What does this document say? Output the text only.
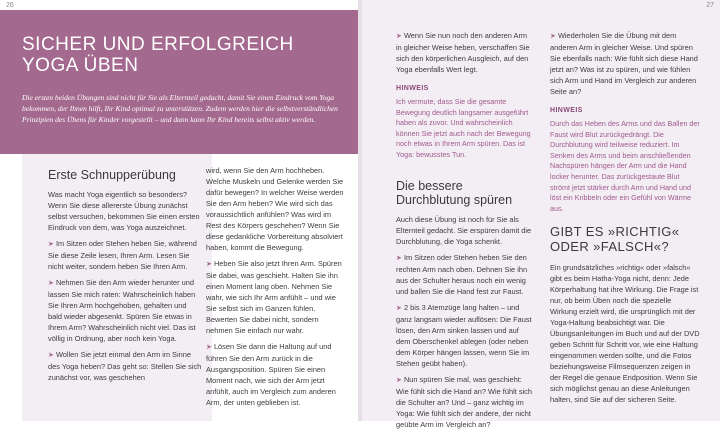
26
SICHER UND ERFOLGREICH
YOGA ÜBEN
Die ersten beiden Übungen sind nicht für Sie als Elternteil gedacht, damit Sie einen Eindruck vom Yoga bekommen, der Ihnen hilft, Ihr Kind optimal zu unterstützen. Zudem werden hier die selbstverständlichen Prinzipien des Übens für Kinder vorgestellt – und dann kann Ihr Kind bereits selbst aktiv werden.
Erste Schnupperübung

Was macht Yoga eigentlich so besonders? Wenn Sie diese allererste Übung zunächst selbst versuchen, bekommen Sie einen ersten Eindruck von dem, was Yoga auszeichnet.

➤ Im Sitzen oder Stehen heben Sie, während Sie diese Zeile lesen, Ihren Arm. Lesen Sie nicht weiter, sondern heben Sie Ihren Arm.

➤ Nehmen Sie den Arm wieder herunter und lassen Sie mich raten: Wahrscheinlich haben Sie Ihren Arm hochgehoben, gehalten und bald wieder abgesenkt. Spüren Sie etwas in Ihrem Arm? Wahrscheinlich nicht viel. Das ist völlig in Ordnung, aber noch kein Yoga.

➤ Wollen Sie jetzt einmal den Arm im Sinne des Yoga heben? Das geht so: Stellen Sie sich zunächst vor, was geschehen

wird, wenn Sie den Arm hochheben. Welche Muskeln und Gelenke werden Sie dafür bewegen? In welcher Weise werden Sie den Arm heben? Wie wird sich das voraussichtlich anfühlen? Was wird im Rest des Körpers geschehen? Wenn Sie diese gedankliche Vorbereitung absolviert haben, kommt die Bewegung.

➤ Heben Sie also jetzt Ihren Arm. Spüren Sie dabei, was geschieht. Halten Sie ihn einen Moment lang oben. Nehmen Sie wahr, wie sich Ihr Arm anfühlt – und wie Sie selbst sich im Ganzen fühlen. Bewerten Sie dabei nicht, sondern nehmen Sie einfach nur wahr.

➤ Lösen Sie dann die Haltung auf und führen Sie den Arm zurück in die Ausgangsposition. Spüren Sie einen Moment nach, wie sich der Arm jetzt anfühlt, auch im Vergleich zum anderen Arm, der unten geblieben ist.

27

➤ Wenn Sie nun noch den anderen Arm in gleicher Weise heben, verschaffen Sie sich den körperlichen Ausgleich, auf den Yoga ebenfalls Wert legt.

HINWEIS
Ich vermute, dass Sie die gesamte Bewegung deutlich langsamer ausgeführt haben als zuvor. Und wahrscheinlich können Sie jetzt auch nach der Bewegung noch etwas in Ihrem Arm spüren. Das ist Yoga: bewusstes Tun.
Die bessere Durchblutung spüren

Auch diese Übung ist noch für Sie als Elternteil gedacht. Sie erspüren damit die Durchblutung, die Yoga schenkt.

➤ Im Sitzen oder Stehen heben Sie den rechten Arm nach oben. Dehnen Sie ihn aus der Schulter heraus noch ein wenig und ballen Sie die Hand fest zur Faust.

➤ 2 bis 3 Atemzüge lang halten – und ganz langsam wieder auflösen: Die Faust lösen, den Arm sinken lassen und auf dem Oberschenkel ablegen (oder neben dem Körper hängen lassen, wenn Sie im Stehen geübt haben).

➤ Nun spüren Sie mal, was geschieht: Wie fühlt sich die Hand an? Wie fühlt sich die Schulter an? Und – ganz wichtig im Yoga: Wie fühlt sich der andere, der nicht geübte Arm im Vergleich an?

➤ Wiederholen Sie die Übung mit dem anderen Arm in gleicher Weise. Und spüren Sie ebenfalls nach: Wie fühlt sich diese Hand jetzt an? Was ist zu spüren, und wie fühlen sich Arm und Hand im Vergleich zur anderen Seite an?

HINWEIS
Durch das Heben des Arms und das Ballen der Faust wird Blut zurückgedrängt. Die Durchblutung wird teilweise reduziert. Im Senken des Arms und beim anschließenden Nachspüren hängen der Arm und die Hand locker herunter. Das zurückgestaute Blut strömt jetzt stärker durch Arm und Hand und löst ein Kribbeln oder ein Gefühl von Wärme aus.
GIBT ES »RICHTIG«
ODER »FALSCH«?

Ein grundsätzliches »richtig« oder »falsch« gibt es beim Hatha-Yoga nicht, denn: Jede Körperhaltung hat ihre Wirkung. Die Frage ist nur, ob beim Üben noch die spezielle Wirkung erzielt wird, die ursprünglich mit der Yoga-Haltung beabsichtigt war. Die Übungsanleitungen im Buch und auf der DVD geben Schritt für Schritt vor, wie eine Haltung eingenommen werden sollte, und die Fotos beziehungsweise Filmsequenzen zeigen in der Regel die genaue Endposition. Wenn Sie sich möglichst genau an diese Anleitungen halten, sind Sie auf der sicheren Seite.
